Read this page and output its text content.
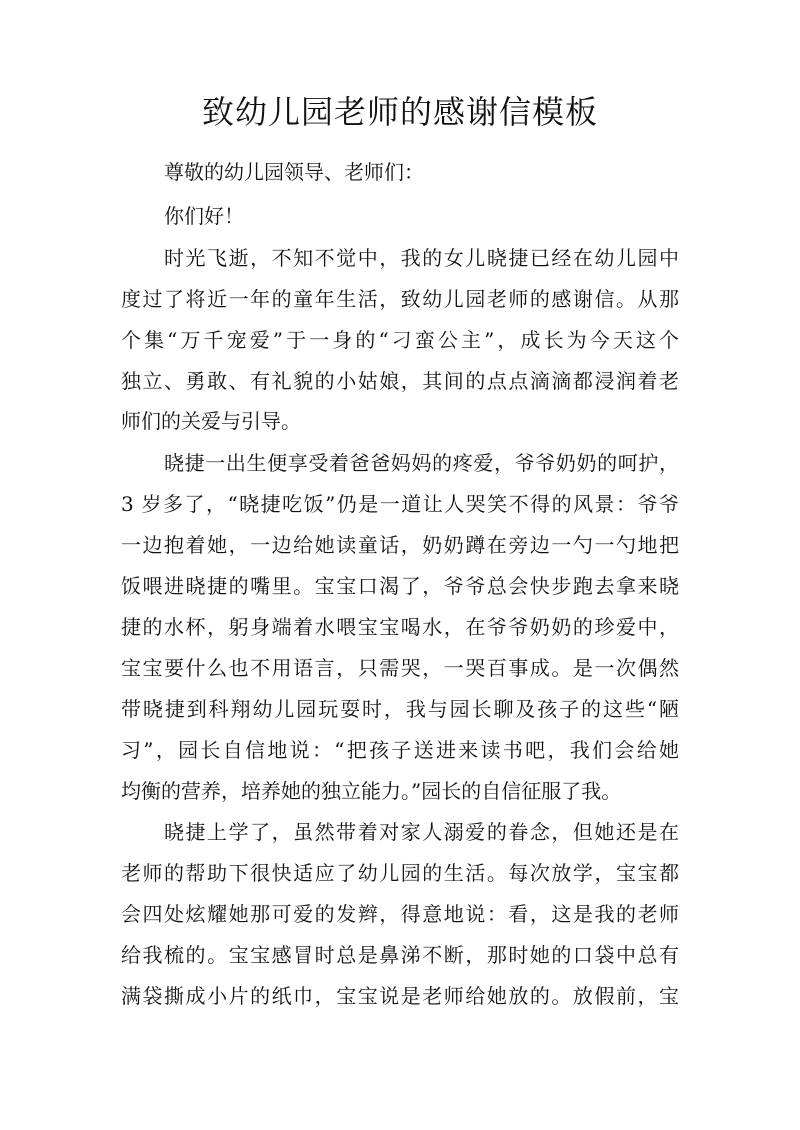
致幼儿园老师的感谢信模板
尊敬的幼儿园领导、老师们：
你们好！
时光飞逝，不知不觉中，我的女儿晓捷已经在幼儿园中
度过了将近一年的童年生活，致幼儿园老师的感谢信。从那
个集“万千宠爱”于一身的“刁蛮公主”，成长为今天这个
独立、勇敢、有礼貌的小姑娘，其间的点点滴滴都浸润着老
师们的关爱与引导。
晓捷一出生便享受着爸爸妈妈的疼爱，爷爷奶奶的呵护，
3 岁多了，“晓捷吃饭”仍是一道让人哭笑不得的风景：爷爷
一边抱着她，一边给她读童话，奶奶蹲在旁边一勺一勺地把
饭喂进晓捷的嘴里。宝宝口渴了，爷爷总会快步跑去拿来晓
捷的水杯，躬身端着水喂宝宝喝水，在爷爷奶奶的珍爱中，
宝宝要什么也不用语言，只需哭，一哭百事成。是一次偶然
带晓捷到科翔幼儿园玩耍时，我与园长聊及孩子的这些“陋
习”，园长自信地说：“把孩子送进来读书吧，我们会给她
均衡的营养，培养她的独立能力。”园长的自信征服了我。
晓捷上学了，虽然带着对家人溺爱的眷念，但她还是在
老师的帮助下很快适应了幼儿园的生活。每次放学，宝宝都
会四处炫耀她那可爱的发辫，得意地说：看，这是我的老师
给我梳的。宝宝感冒时总是鼻涕不断，那时她的口袋中总有
满袋撕成小片的纸巾，宝宝说是老师给她放的。放假前，宝
